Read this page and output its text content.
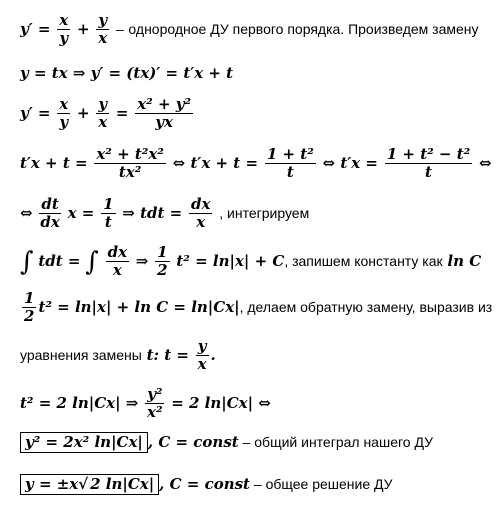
$y' = \frac{x}{y} + \frac{y}{x}$ – однородное ДУ первого порядка. Произведем замену
y = tx ⇒ y′ = (tx)′ = t′x + t
$y' = \frac{x}{y} + \frac{y}{x} = \frac{\text{x² + y²}}{yx}$
$t'x + t = \frac{\text{x² + t²x²}}{\text{tx²}}$ ⇔ $t'x + t = \frac{\text{1 + t²}}{t}$ ⇔ $t'x = \frac{\text{1 + t² − t²}}{t}$ ⇔
⇔ $\frac{dt}{dx}$ $x = \frac{1}{t}$ ⇒ tdt = $\frac{dx}{x}$ , интегрируем
∫ tdt = ∫ $\frac{dx}{x}$ ⇒ $\frac{1}{2} t^2 = \ln|x| + C$, запишем константу как ln C
$\frac{1}{2} t^2 = \ln|x| + \ln C = \ln|Cx|$, делаем обратную замену, выразив из
уравнения замены t: $t = \frac{y}{x}$ .
t² = 2 ln|Cx| ⇒ $\frac{\text{y²}}{\text{x²}} = 2$ ln|Cx| ⇔
y² = 2x² ln|Cx| , C = const – общий интеграл нашего ДУ
y = ±x√ 2 ln|Cx| , C = const – общее решение ДУ
